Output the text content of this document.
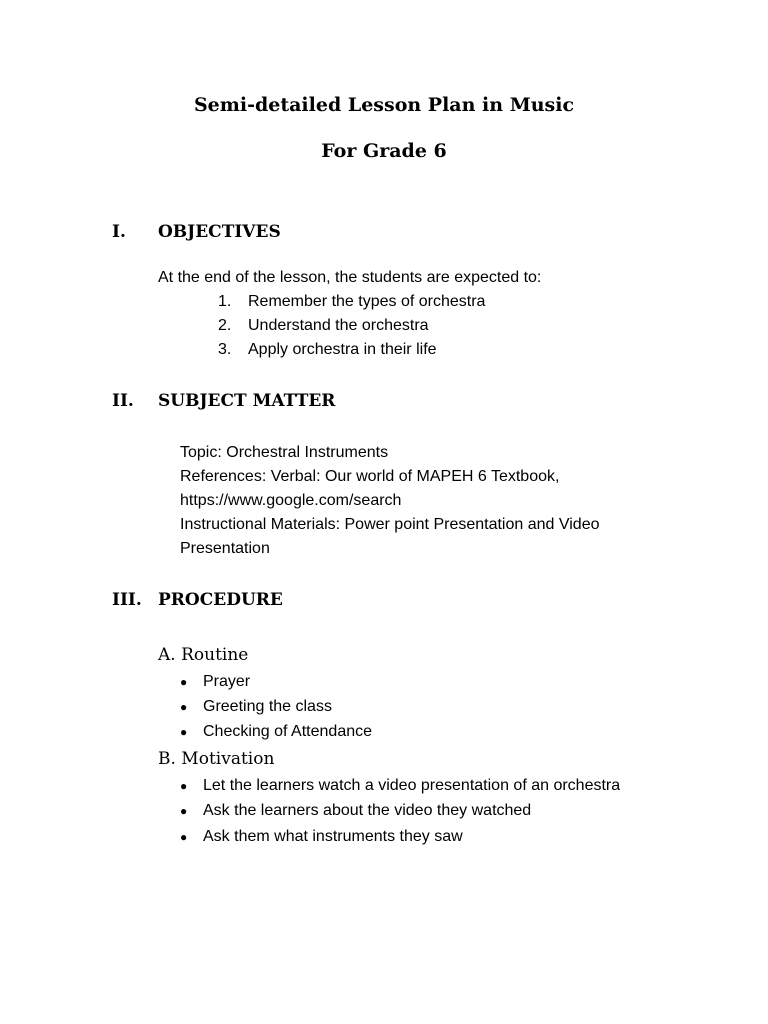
Semi-detailed Lesson Plan in Music
For Grade 6
I. OBJECTIVES
At the end of the lesson, the students are expected to:
1. Remember the types of orchestra
2. Understand the orchestra
3. Apply orchestra in their life
II. SUBJECT MATTER
Topic: Orchestral Instruments
References: Verbal: Our world of MAPEH 6 Textbook,
https://www.google.com/search
Instructional Materials: Power point Presentation and Video
Presentation
III. PROCEDURE
A. Routine
● Prayer
● Greeting the class
● Checking of Attendance
B. Motivation
● Let the learners watch a video presentation of an orchestra
● Ask the learners about the video they watched
● Ask them what instruments they saw
